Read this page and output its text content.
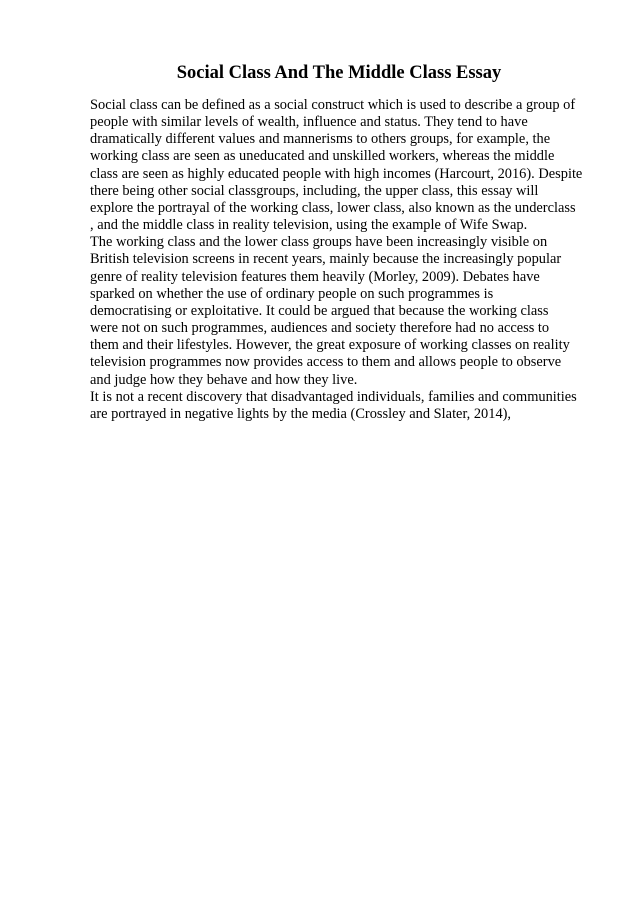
Social Class And The Middle Class Essay
Social class can be defined as a social construct which is used to describe a group of
people with similar levels of wealth, influence and status. They tend to have
dramatically different values and mannerisms to others groups, for example, the
working class are seen as uneducated and unskilled workers, whereas the middle
class are seen as highly educated people with high incomes (Harcourt, 2016). Despite
there being other social classgroups, including, the upper class, this essay will
explore the portrayal of the working class, lower class, also known as the underclass
, and the middle class in reality television, using the example of Wife Swap.
The working class and the lower class groups have been increasingly visible on
British television screens in recent years, mainly because the increasingly popular
genre of reality television features them heavily (Morley, 2009). Debates have
sparked on whether the use of ordinary people on such programmes is
democratising or exploitative. It could be argued that because the working class
were not on such programmes, audiences and society therefore had no access to
them and their lifestyles. However, the great exposure of working classes on reality
television programmes now provides access to them and allows people to observe
and judge how they behave and how they live.
It is not a recent discovery that disadvantaged individuals, families and communities
are portrayed in negative lights by the media (Crossley and Slater, 2014),
